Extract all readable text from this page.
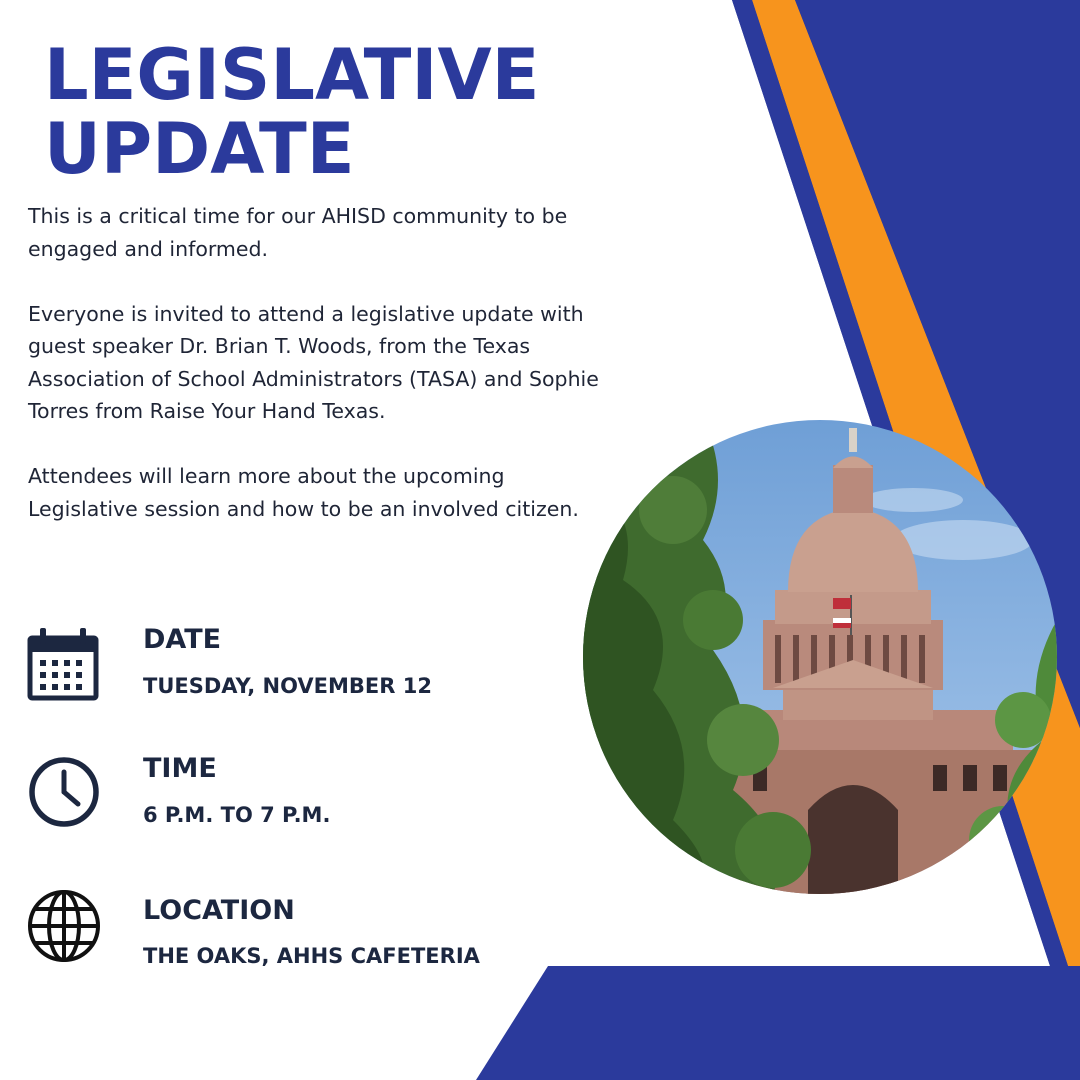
LEGISLATIVE
UPDATE

This is a critical time for our AHISD community to be engaged and informed.

Everyone is invited to attend a legislative update with guest speaker Dr. Brian T. Woods, from the Texas Association of School Administrators (TASA) and Sophie Torres from Raise Your Hand Texas.

Attendees will learn more about the upcoming Legislative session and how to be an involved citizen.

DATE
TUESDAY, NOVEMBER 12
TIME
6 P.M. TO 7 P.M.
LOCATION
THE OAKS, AHHS CAFETERIA
